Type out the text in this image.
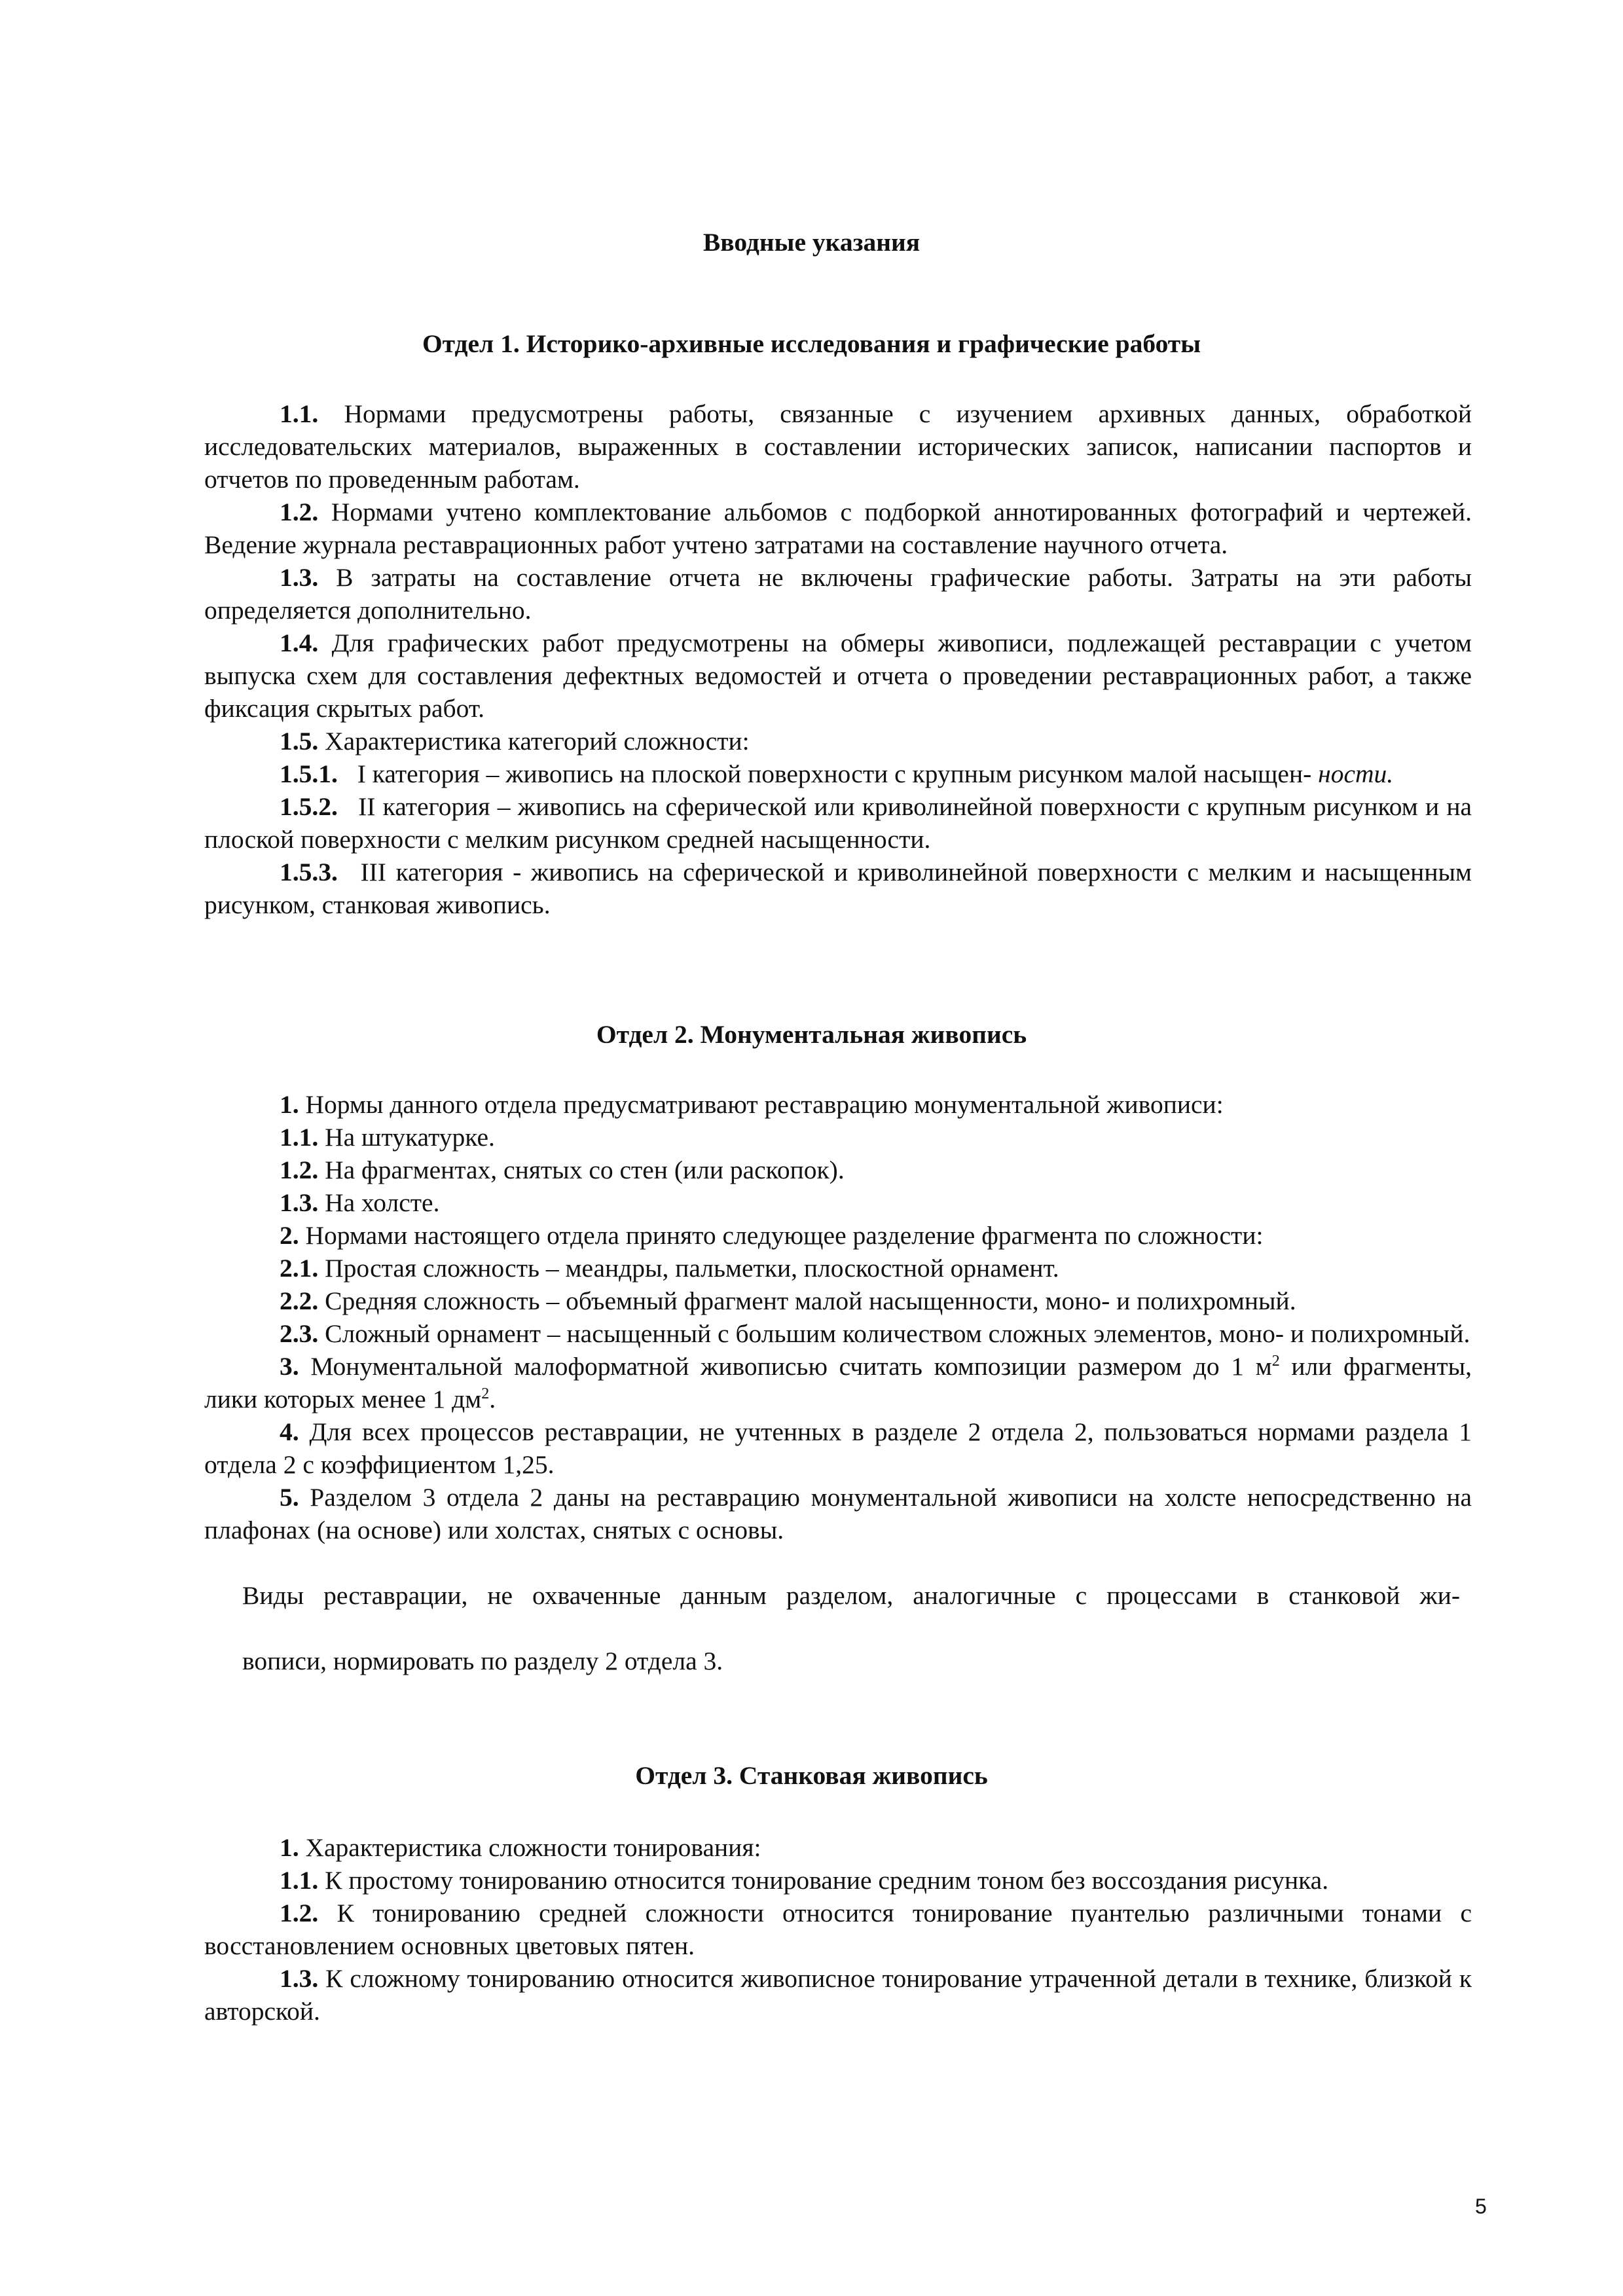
Вводные указания
Отдел 1. Историко-архивные исследования и графические работы

1.1. Нормами предусмотрены работы, связанные с изучением архивных данных, обработкой исследовательских материалов, выраженных в составлении исторических записок, написании паспортов и отчетов по проведенным работам.

1.2. Нормами учтено комплектование альбомов с подборкой аннотированных фотографий и чертежей. Ведение журнала реставрационных работ учтено затратами на составление научного отчета.

1.3. В затраты на составление отчета не включены графические работы. Затраты на эти работы определяется дополнительно.

1.4. Для графических работ предусмотрены на обмеры живописи, подлежащей реставрации с учетом выпуска схем для составления дефектных ведомостей и отчета о проведении реставрационных работ, а также фиксация скрытых работ.

1.5. Характеристика категорий сложности:

1.5.1. I категория – живопись на плоской поверхности с крупным рисунком малой насыщен- ности.

1.5.2. II категория – живопись на сферической или криволинейной поверхности с крупным рисунком и на плоской поверхности с мелким рисунком средней насыщенности.

1.5.3. III категория - живопись на сферической и криволинейной поверхности с мелким и насыщенным рисунком, станковая живопись.

Отдел 2. Монументальная живопись

1. Нормы данного отдела предусматривают реставрацию монументальной живописи:

1.1. На штукатурке.

1.2. На фрагментах, снятых со стен (или раскопок).

1.3. На холсте.

2. Нормами настоящего отдела принято следующее разделение фрагмента по сложности:

2.1. Простая сложность – меандры, пальметки, плоскостной орнамент.

2.2. Средняя сложность – объемный фрагмент малой насыщенности, моно- и полихромный.

2.3. Сложный орнамент – насыщенный с большим количеством сложных элементов, моно- и полихромный.

3. Монументальной малоформатной живописью считать композиции размером до 1 $м^2$ или фрагменты, лики которых менее 1 $дм^2$.

4. Для всех процессов реставрации, не учтенных в разделе 2 отдела 2, пользоваться нормами раздела 1 отдела 2 с коэффициентом 1,25.

5. Разделом 3 отдела 2 даны на реставрацию монументальной живописи на холсте непосредственно на плафонах (на основе) или холстах, снятых с основы.

Виды реставрации, не охваченные данным разделом, аналогичные с процессами в станковой жи-

вописи, нормировать по разделу 2 отдела 3.

Отдел 3. Станковая живопись

1. Характеристика сложности тонирования:

1.1. К простому тонированию относится тонирование средним тоном без воссоздания рисунка.

1.2. К тонированию средней сложности относится тонирование пуантелью различными тонами с восстановлением основных цветовых пятен.

1.3. К сложному тонированию относится живописное тонирование утраченной детали в технике, близкой к авторской.

5
